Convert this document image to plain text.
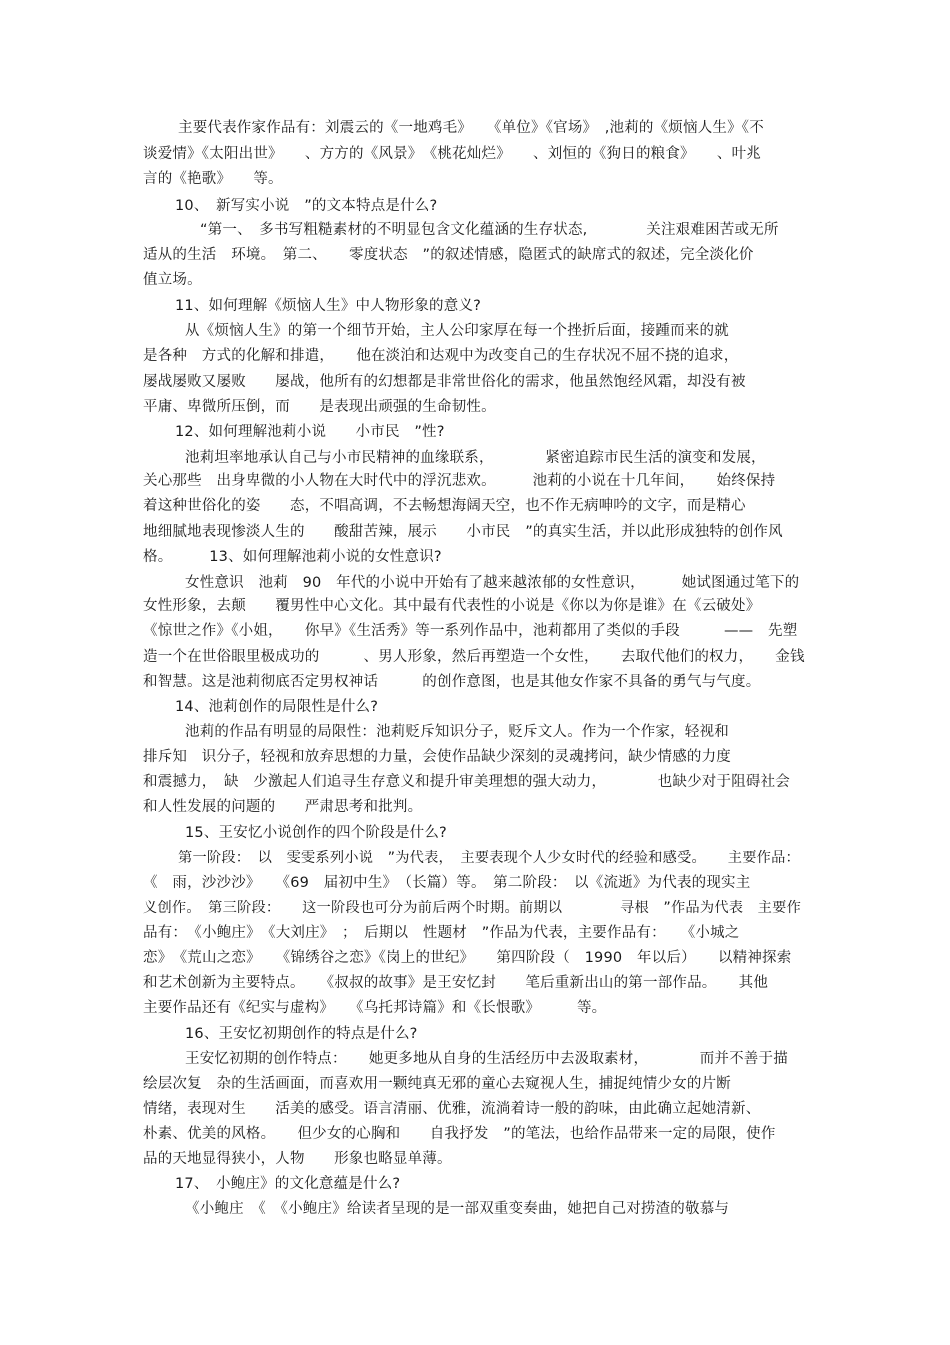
主要代表作家作品有：刘震云的《一地鸡毛》　　《单位》《官场》　,池莉的《烦恼人生》《不
谈爱情》《太阳出世》　　、方方的《风景》　《桃花灿烂》　　、刘恒的《狗日的粮食》　　、叶兆
言的《艳歌》　　等。
10、　新写实小说　”的文本特点是什么?
“第一、　多书写粗糙素材的不明显包含文化蕴涵的生存状态,　　　　关注艰难困苦或无所
适从的生活　环境。　第二、　　零度状态　”的叙述情感，隐匿式的缺席式的叙述，完全淡化价
值立场。
11、如何理解《烦恼人生》中人物形象的意义?
从《烦恼人生》的第一个细节开始，主人公印家厚在每一个挫折后面，接踵而来的就
是各种　方式的化解和排遣，　　他在淡泊和达观中为改变自己的生存状况不屈不挠的追求，
屡战屡败又屡败　　屡战，他所有的幻想都是非常世俗化的需求，他虽然饱经风霜，却没有被
平庸、卑微所压倒，而　　是表现出顽强的生命韧性。
12、如何理解池莉小说　　小市民　”性?
池莉坦率地承认自己与小市民精神的血缘联系，　　　　紧密追踪市民生活的演变和发展，
关心那些　出身卑微的小人物在大时代中的浮沉悲欢。　　　池莉的小说在十几年间，　　始终保持
着这种世俗化的姿　　态，不唱高调，不去畅想海阔天空，也不作无病呻吟的文字，而是精心
地细腻地表现惨淡人生的　　酸甜苦辣，展示　　小市民　”的真实生活，并以此形成独特的创作风
格。　　　13、如何理解池莉小说的女性意识?
女性意识　池莉　90　年代的小说中开始有了越来越浓郁的女性意识，　　　她试图通过笔下的
女性形象，去颠　　覆男性中心文化。其中最有代表性的小说是《你以为你是谁》在《云破处》
《惊世之作》《小姐，　　你早》《生活秀》等一系列作品中，池莉都用了类似的手段　　　——　先塑
造一个在世俗眼里极成功的　　　、男人形象，然后再塑造一个女性，　　去取代他们的权力，　　金钱
和智慧。这是池莉彻底否定男权神话　　　的创作意图，也是其他女作家不具备的勇气与气度。
14、池莉创作的局限性是什么?
池莉的作品有明显的局限性：池莉贬斥知识分子，贬斥文人。作为一个作家，轻视和
排斥知　识分子，轻视和放弃思想的力量，会使作品缺少深刻的灵魂拷问，缺少情感的力度
和震撼力，　缺　少激起人们追寻生存意义和提升审美理想的强大动力，　　　　也缺少对于阻碍社会
和人性发展的问题的　　严肃思考和批判。
15、王安忆小说创作的四个阶段是什么?
第一阶段：　以　雯雯系列小说　”为代表，　主要表现个人少女时代的经验和感受。　　主要作品：
《　雨，沙沙沙》　　《69　届初中生》　（长篇）等。　第二阶段：　以《流逝》为代表的现实主
义创作。　第三阶段：　　这一阶段也可分为前后两个时期。前期以　　　　寻根　”作品为代表　主要作
品有：　《小鲍庄》　《大刘庄》　；　后期以　性题材　”作品为代表，主要作品有：　　《小城之
恋》　《荒山之恋》　　《锦绣谷之恋》《岗上的世纪》　　第四阶段（　1990　年以后）　　以精神探索
和艺术创新为主要特点。　　《叔叔的故事》是王安忆封　　笔后重新出山的第一部作品。　　其他
主要作品还有《纪实与虚构》　　《乌托邦诗篇》和《长恨歌》　　　等。
16、王安忆初期创作的特点是什么?
王安忆初期的创作特点：　　她更多地从自身的生活经历中去汲取素材，　　　　而并不善于描
绘层次复　杂的生活画面，而喜欢用一颗纯真无邪的童心去窥视人生，捕捉纯情少女的片断
情绪，表现对生　　活美的感受。语言清丽、优雅，流淌着诗一般的韵味，由此确立起她清新、
朴素、优美的风格。　　但少女的心胸和　　自我抒发　”的笔法，也给作品带来一定的局限，使作
品的天地显得狭小，人物　　形象也略显单薄。
17、　小鲍庄》的文化意蕴是什么?
《小鲍庄　《　《小鲍庄》给读者呈现的是一部双重变奏曲，她把自己对捞渣的敬慕与
